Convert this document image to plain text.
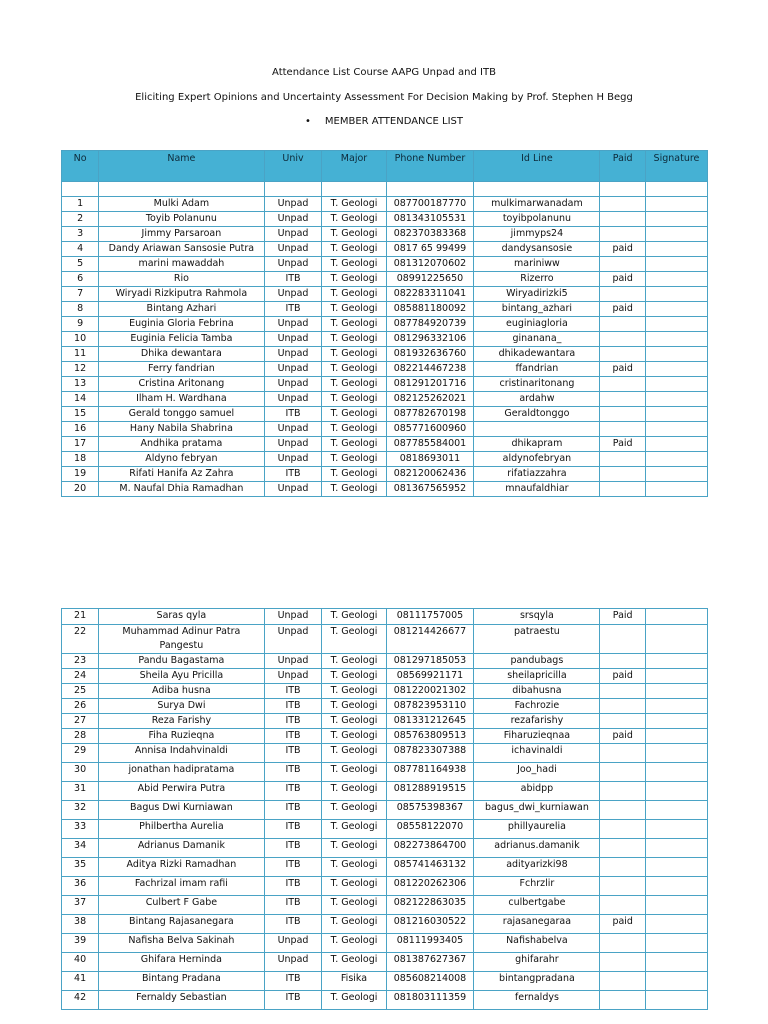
Attendance List Course AAPG Unpad and ITB
Eliciting Expert Opinions and Uncertainty Assessment For Decision Making by Prof. Stephen H Begg
• MEMBER ATTENDANCE LIST
No	Name	Univ	Major	Phone Number	Id Line	Paid	Signature

1	Mulki Adam	Unpad	T. Geologi	087700187770	mulkimarwanadam		
2	Toyib Polanunu	Unpad	T. Geologi	081343105531	toyibpolanunu		
3	Jimmy Parsaroan	Unpad	T. Geologi	082370383368	jimmyps24		
4	Dandy Ariawan Sansosie Putra	Unpad	T. Geologi	0817 65 99499	dandysansosie	paid	
5	marini mawaddah	Unpad	T. Geologi	081312070602	mariniww		
6	Rio	ITB	T. Geologi	08991225650	Rizerro	paid	
7	Wiryadi Rizkiputra Rahmola	Unpad	T. Geologi	082283311041	Wiryadirizki5		
8	Bintang Azhari	ITB	T. Geologi	085881180092	bintang_azhari	paid	
9	Euginia Gloria Febrina	Unpad	T. Geologi	087784920739	euginiagloria		
10	Euginia Felicia Tamba	Unpad	T. Geologi	081296332106	ginanana_		
11	Dhika dewantara	Unpad	T. Geologi	081932636760	dhikadewantara		
12	Ferry fandrian	Unpad	T. Geologi	082214467238	ffandrian	paid	
13	Cristina Aritonang	Unpad	T. Geologi	081291201716	cristinaritonang		
14	Ilham H. Wardhana	Unpad	T. Geologi	082125262021	ardahw		
15	Gerald tonggo samuel	ITB	T. Geologi	087782670198	Geraldtonggo		
16	Hany Nabila Shabrina	Unpad	T. Geologi	085771600960			
17	Andhika pratama	Unpad	T. Geologi	087785584001	dhikapram	Paid	
18	Aldyno febryan	Unpad	T. Geologi	0818693011	aldynofebryan		
19	Rifati Hanifa Az Zahra	ITB	T. Geologi	082120062436	rifatiazzahra		
20	M. Naufal Dhia Ramadhan	Unpad	T. Geologi	081367565952	mnaufaldhiar		
21	Saras qyla	Unpad	T. Geologi	08111757005	srsqyla	Paid	
22	Muhammad Adinur Patra Pangestu	Unpad	T. Geologi	081214426677	patraestu		
23	Pandu Bagastama	Unpad	T. Geologi	081297185053	pandubags		
24	Sheila Ayu Pricilla	Unpad	T. Geologi	08569921171	sheilapricilla	paid	
25	Adiba husna	ITB	T. Geologi	081220021302	dibahusna		
26	Surya Dwi	ITB	T. Geologi	087823953110	Fachrozie		
27	Reza Farishy	ITB	T. Geologi	081331212645	rezafarishy		
28	Fiha Ruzieqna	ITB	T. Geologi	085763809513	Fiharuzieqnaa	paid	
29	Annisa Indahvinaldi	ITB	T. Geologi	087823307388	ichavinaldi		
30	jonathan hadipratama	ITB	T. Geologi	087781164938	Joo_hadi		
31	Abid Perwira Putra	ITB	T. Geologi	081288919515	abidpp		
32	Bagus Dwi Kurniawan	ITB	T. Geologi	08575398367	bagus_dwi_kurniawan		
33	Philbertha Aurelia	ITB	T. Geologi	08558122070	phillyaurelia		
34	Adrianus Damanik	ITB	T. Geologi	082273864700	adrianus.damanik		
35	Aditya Rizki Ramadhan	ITB	T. Geologi	085741463132	adityarizki98		
36	Fachrizal imam rafii	ITB	T. Geologi	081220262306	Fchrzlir		
37	Culbert F Gabe	ITB	T. Geologi	082122863035	culbertgabe		
38	Bintang Rajasanegara	ITB	T. Geologi	081216030522	rajasanegaraa	paid	
39	Nafisha Belva Sakinah	Unpad	T. Geologi	08111993405	Nafishabelva		
40	Ghifara Herninda	Unpad	T. Geologi	081387627367	ghifarahr		
41	Bintang Pradana	ITB	Fisika	085608214008	bintangpradana		
42	Fernaldy Sebastian	ITB	T. Geologi	081803111359	fernaldys		
